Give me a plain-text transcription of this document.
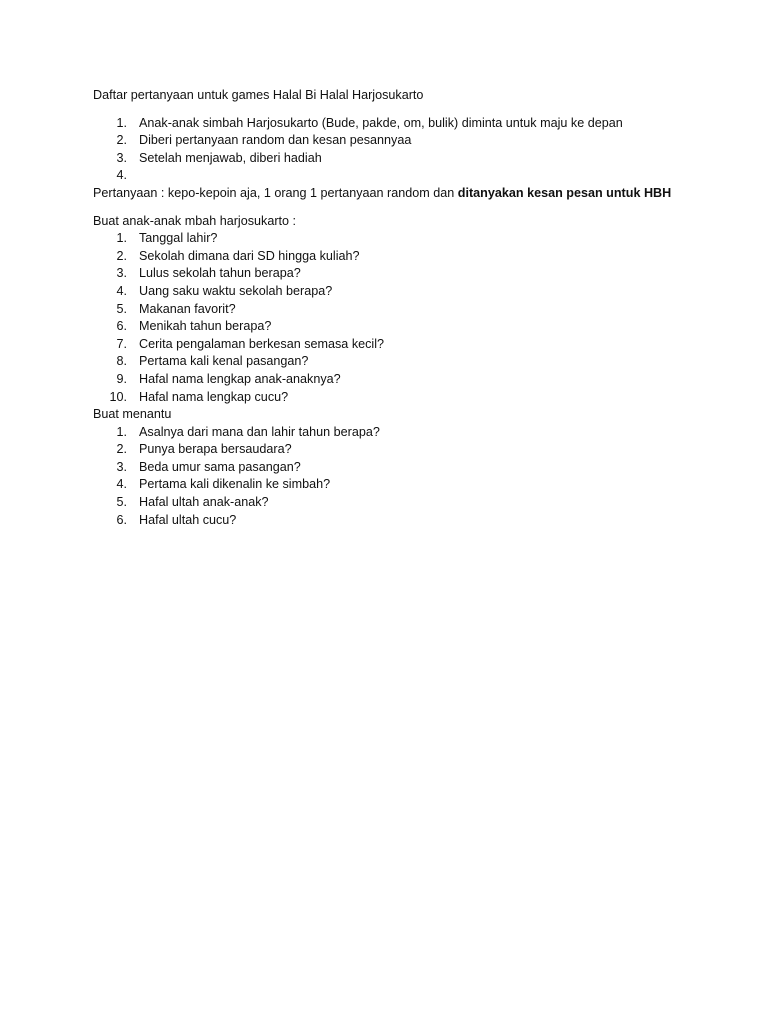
Daftar pertanyaan untuk games Halal Bi Halal Harjosukarto

1. Anak-anak simbah Harjosukarto (Bude, pakde, om, bulik) diminta untuk maju ke depan
2. Diberi pertanyaan random dan kesan pesannyaa
3. Setelah menjawab, diberi hadiah
4.

Pertanyaan : kepo-kepoin aja, 1 orang 1 pertanyaan random dan ditanyakan kesan pesan untuk HBH

Buat anak-anak mbah harjosukarto :

1. Tanggal lahir?
2. Sekolah dimana dari SD hingga kuliah?
3. Lulus sekolah tahun berapa?
4. Uang saku waktu sekolah berapa?
5. Makanan favorit?
6. Menikah tahun berapa?
7. Cerita pengalaman berkesan semasa kecil?
8. Pertama kali kenal pasangan?
9. Hafal nama lengkap anak-anaknya?
10. Hafal nama lengkap cucu?

Buat menantu

1. Asalnya dari mana dan lahir tahun berapa?
2. Punya berapa bersaudara?
3. Beda umur sama pasangan?
4. Pertama kali dikenalin ke simbah?
5. Hafal ultah anak-anak?
6. Hafal ultah cucu?
